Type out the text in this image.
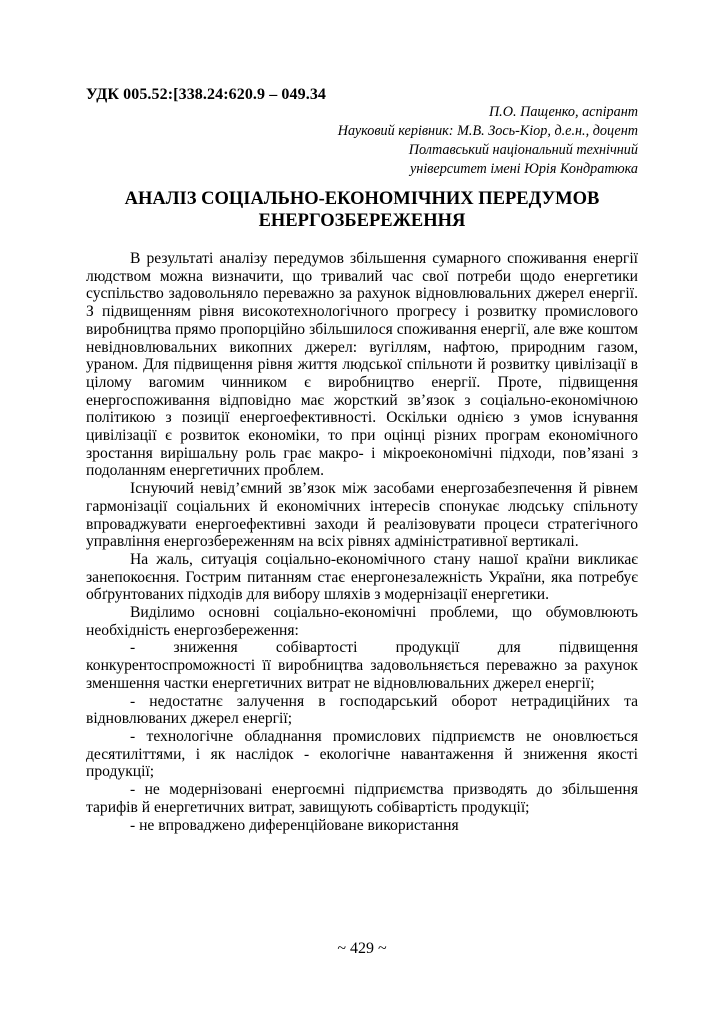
УДК 005.52:[338.24:620.9 – 049.34
П.О. Пащенко, аспірант
Науковий керівник: М.В. Зось-Кіор, д.е.н., доцент
Полтавський національний технічний
університет імені Юрія Кондратюка
АНАЛІЗ СОЦІАЛЬНО-ЕКОНОМІЧНИХ ПЕРЕДУМОВ
ЕНЕРГОЗБЕРЕЖЕННЯ

В результаті аналізу передумов збільшення сумарного споживання енергії людством можна визначити, що тривалий час свої потреби щодо енергетики суспільство задовольняло переважно за рахунок відновлювальних джерел енергії. З підвищенням рівня високотехнологічного прогресу і розвитку промислового виробництва прямо пропорційно збільшилося споживання енергії, але вже коштом невідновлювальних викопних джерел: вугіллям, нафтою, природним газом, ураном. Для підвищення рівня життя людської спільноти й розвитку цивілізації в цілому вагомим чинником є виробництво енергії. Проте, підвищення енергоспоживання відповідно має жорсткий зв’язок з соціально-економічною політикою з позиції енергоефективності. Оскільки однією з умов існування цивілізації є розвиток економіки, то при оцінці різних програм економічного зростання вирішальну роль грає макро- і мікроекономічні підходи, пов’язані з подоланням енергетичних проблем.

Існуючий невід’ємний зв’язок між засобами енергозабезпечення й рівнем гармонізації соціальних й економічних інтересів спонукає людську спільноту впроваджувати енергоефективні заходи й реалізовувати процеси стратегічного управління енергозбереженням на всіх рівнях адміністративної вертикалі.

На жаль, ситуація соціально-економічного стану нашої країни викликає занепокоєння. Гострим питанням стає енергонезалежність України, яка потребує обґрунтованих підходів для вибору шляхів з модернізації енергетики.

Виділимо основні соціально-економічні проблеми, що обумовлюють необхідність енергозбереження:

- зниження собівартості продукції для підвищення конкурентоспроможності її виробництва задовольняється переважно за рахунок зменшення частки енергетичних витрат не відновлювальних джерел енергії;

- недостатнє залучення в господарський оборот нетрадиційних та відновлюваних джерел енергії;

- технологічне обладнання промислових підприємств не оновлюється десятиліттями, і як наслідок - екологічне навантаження й зниження якості продукції;

- не модернізовані енергоємні підприємства призводять до збільшення тарифів й енергетичних витрат, завищують собівартість продукції;

- не впроваджено диференційоване використання

~ 429 ~
